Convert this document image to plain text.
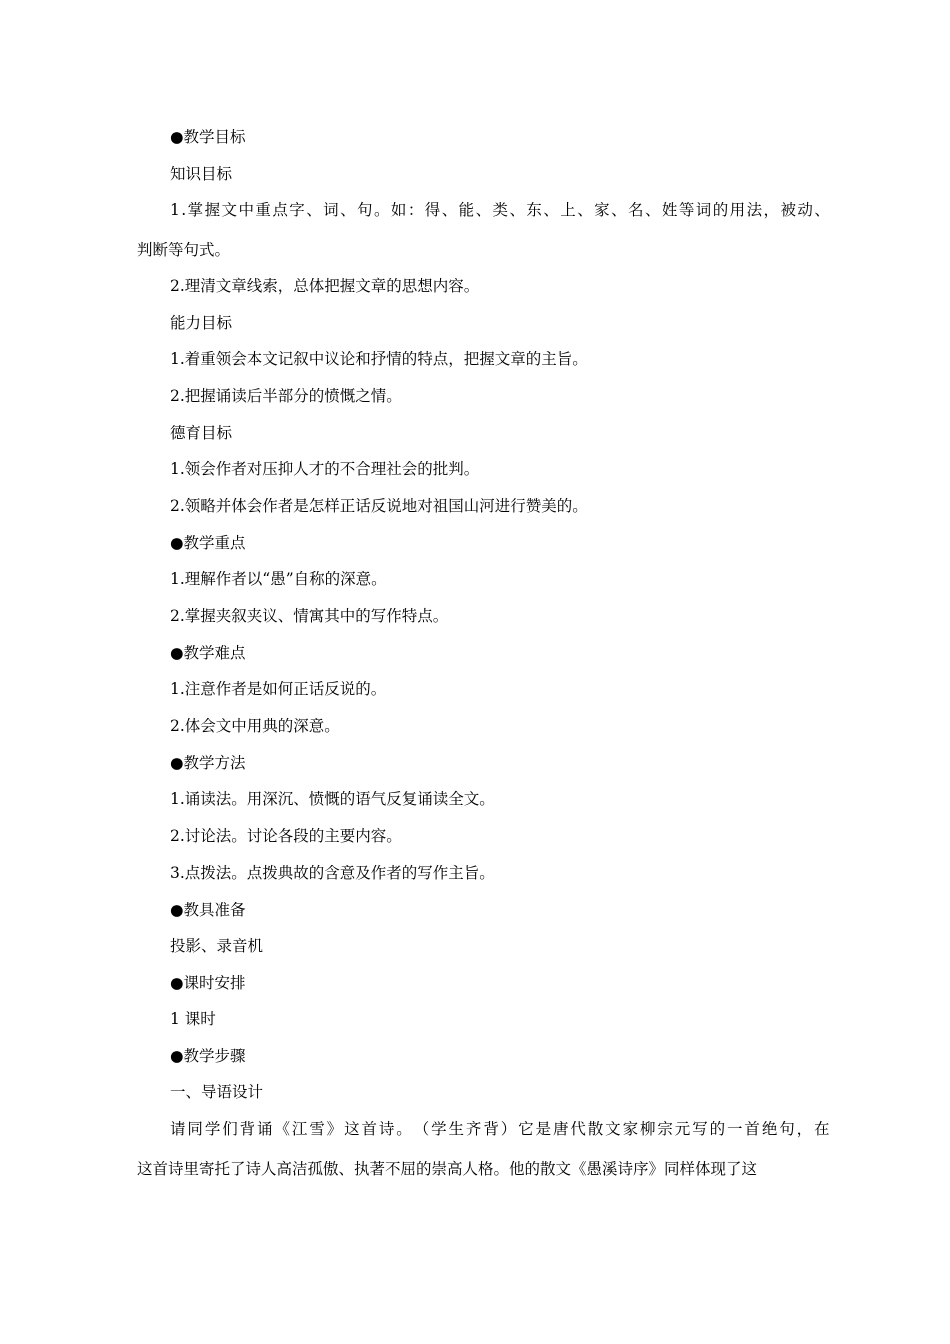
●教学目标
知识目标
1 . 掌 握 文 中 重 点 字 、 词 、 句 。 如 ： 得 、 能 、 类 、 东 、 上 、 家 、 名 、 姓 等 词 的 用 法 ， 被 动 、
判断等句式。
2.理清文章线索，总体把握文章的思想内容。
能力目标
1.着重领会本文记叙中议论和抒情的特点，把握文章的主旨。
2.把握诵读后半部分的愤慨之情。
德育目标
1.领会作者对压抑人才的不合理社会的批判。
2.领略并体会作者是怎样正话反说地对祖国山河进行赞美的。
●教学重点
1.理解作者以“愚”自称的深意。
2.掌握夹叙夹议、情寓其中的写作特点。
●教学难点
1.注意作者是如何正话反说的。
2.体会文中用典的深意。
●教学方法
1.诵读法。用深沉、愤慨的语气反复诵读全文。
2.讨论法。讨论各段的主要内容。
3.点拨法。点拨典故的含意及作者的写作主旨。
●教具准备
投影、录音机
●课时安排
1 课时
●教学步骤
一、导语设计
请 同 学 们 背 诵 《 江 雪 》 这 首 诗 。 （ 学 生 齐 背 ） 它 是 唐 代 散 文 家 柳 宗 元 写 的 一 首 绝 句 ， 在
这首诗里寄托了诗人高洁孤傲、执著不屈的崇高人格。他的散文《愚溪诗序》同样体现了这
